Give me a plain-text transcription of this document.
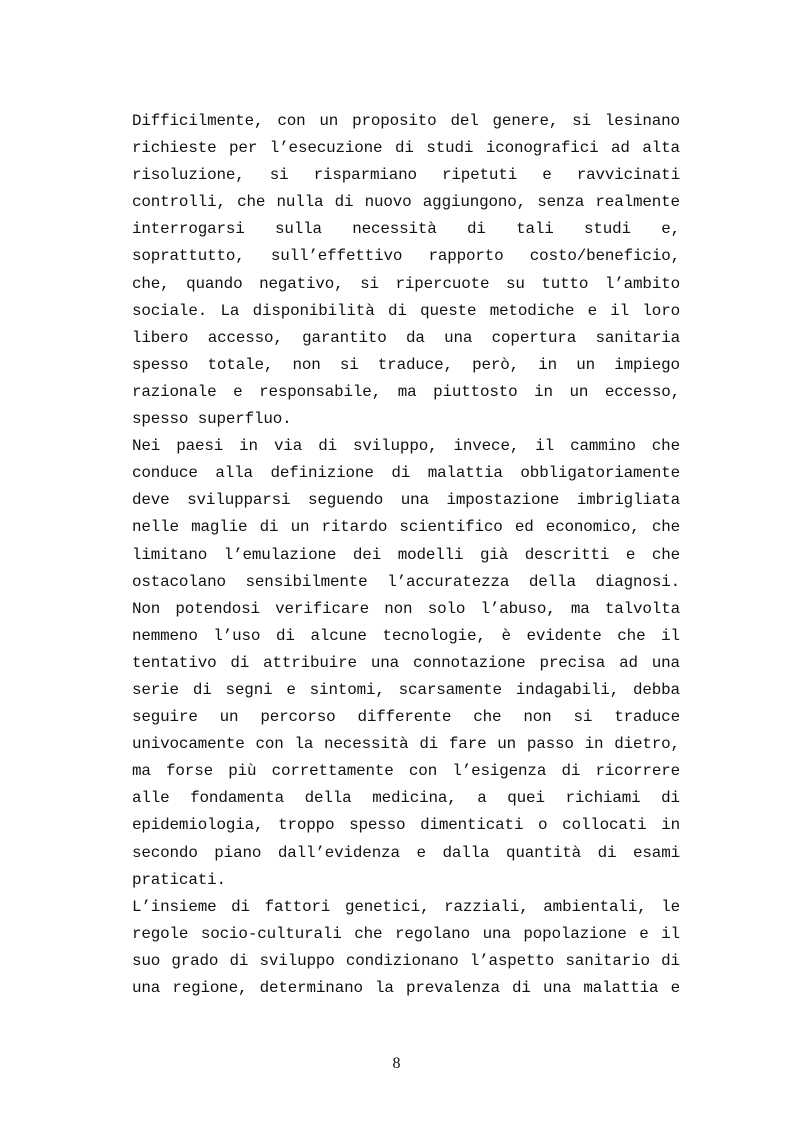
Difficilmente, con un proposito del genere, si lesinano
richieste per l’esecuzione di studi iconografici ad alta
risoluzione, si risparmiano ripetuti e ravvicinati
controlli, che nulla di nuovo aggiungono, senza realmente
interrogarsi sulla necessità di tali studi e,
soprattutto, sull’effettivo rapporto costo/beneficio,
che, quando negativo, si ripercuote su tutto l’ambito
sociale. La disponibilità di queste metodiche e il loro
libero accesso, garantito da una copertura sanitaria
spesso totale, non si traduce, però, in un impiego
razionale e responsabile, ma piuttosto in un eccesso,
spesso superfluo.
Nei paesi in via di sviluppo, invece, il cammino che
conduce alla definizione di malattia obbligatoriamente
deve svilupparsi seguendo una impostazione imbrigliata
nelle maglie di un ritardo scientifico ed economico, che
limitano l’emulazione dei modelli già descritti e che
ostacolano sensibilmente l’accuratezza della diagnosi.
Non potendosi verificare non solo l’abuso, ma talvolta
nemmeno l’uso di alcune tecnologie, è evidente che il
tentativo di attribuire una connotazione precisa ad una
serie di segni e sintomi, scarsamente indagabili, debba
seguire un percorso differente che non si traduce
univocamente con la necessità di fare un passo in dietro,
ma forse più correttamente con l’esigenza di ricorrere
alle fondamenta della medicina, a quei richiami di
epidemiologia, troppo spesso dimenticati o collocati in
secondo piano dall’evidenza e dalla quantità di esami
praticati.
L’insieme di fattori genetici, razziali, ambientali, le
regole socio-culturali che regolano una popolazione e il
suo grado di sviluppo condizionano l’aspetto sanitario di
una regione, determinano la prevalenza di una malattia e
8
